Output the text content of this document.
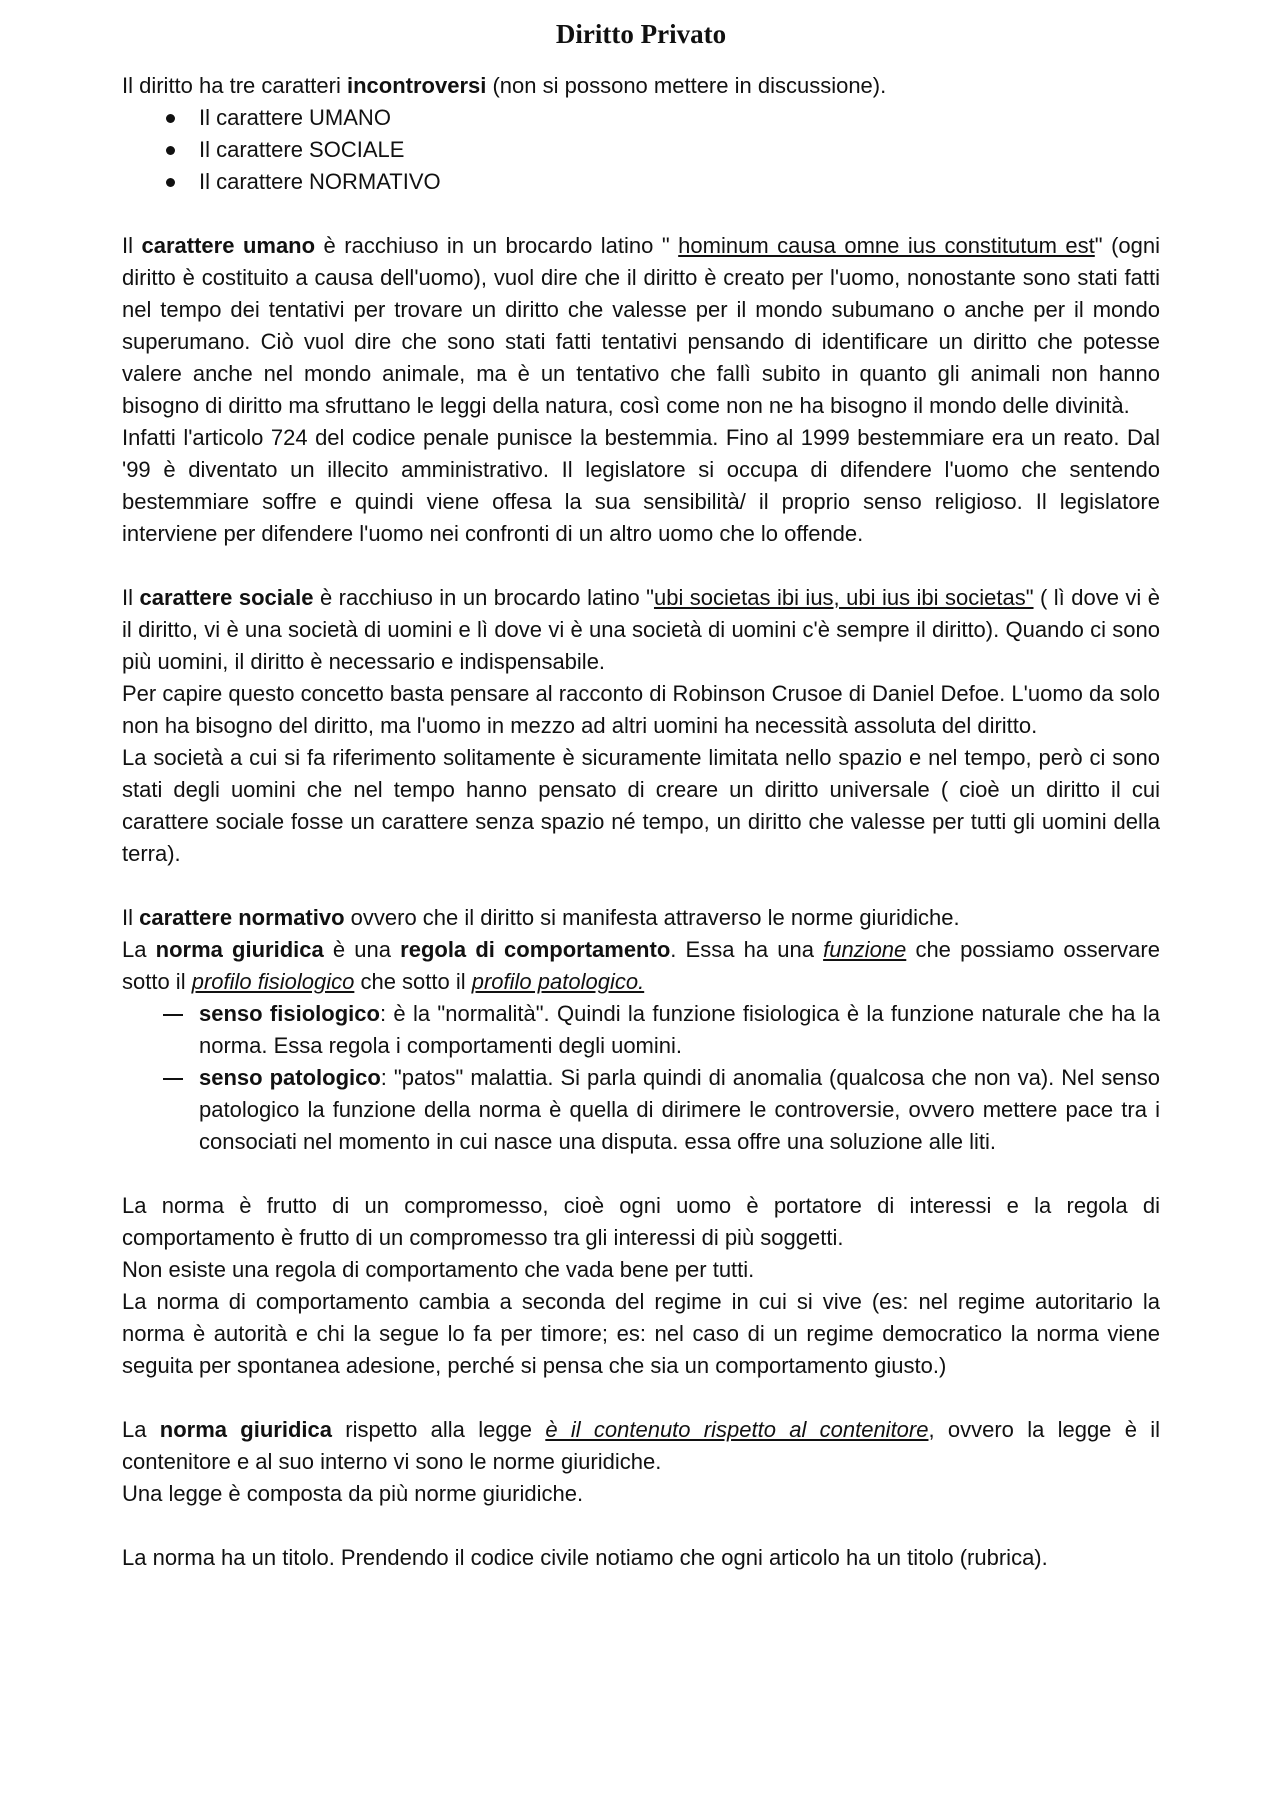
Diritto Privato

Il diritto ha tre caratteri incontroversi (non si possono mettere in discussione).

Il carattere UMANO
Il carattere SOCIALE
Il carattere NORMATIVO

Il carattere umano è racchiuso in un brocardo latino " hominum causa omne ius constitutum est" (ogni diritto è costituito a causa dell'uomo), vuol dire che il diritto è creato per l'uomo, nonostante sono stati fatti nel tempo dei tentativi per trovare un diritto che valesse per il mondo subumano o anche per il mondo superumano. Ciò vuol dire che sono stati fatti tentativi pensando di identificare un diritto che potesse valere anche nel mondo animale, ma è un tentativo che fallì subito in quanto gli animali non hanno bisogno di diritto ma sfruttano le leggi della natura, così come non ne ha bisogno il mondo delle divinità.

Infatti l'articolo 724 del codice penale punisce la bestemmia. Fino al 1999 bestemmiare era un reato. Dal '99 è diventato un illecito amministrativo. Il legislatore si occupa di difendere l'uomo che sentendo bestemmiare soffre e quindi viene offesa la sua sensibilità/ il proprio senso religioso. Il legislatore interviene per difendere l'uomo nei confronti di un altro uomo che lo offende.

Il carattere sociale è racchiuso in un brocardo latino "ubi societas ibi ius, ubi ius ibi societas" ( lì dove vi è il diritto, vi è una società di uomini e lì dove vi è una società di uomini c'è sempre il diritto). Quando ci sono più uomini, il diritto è necessario e indispensabile.

Per capire questo concetto basta pensare al racconto di Robinson Crusoe di Daniel Defoe. L'uomo da solo non ha bisogno del diritto, ma l'uomo in mezzo ad altri uomini ha necessità assoluta del diritto.

La società a cui si fa riferimento solitamente è sicuramente limitata nello spazio e nel tempo, però ci sono stati degli uomini che nel tempo hanno pensato di creare un diritto universale ( cioè un diritto il cui carattere sociale fosse un carattere senza spazio né tempo, un diritto che valesse per tutti gli uomini della terra).

Il carattere normativo ovvero che il diritto si manifesta attraverso le norme giuridiche.

La norma giuridica è una regola di comportamento. Essa ha una funzione che possiamo osservare sotto il profilo fisiologico che sotto il profilo patologico.

senso fisiologico: è la "normalità". Quindi la funzione fisiologica è la funzione naturale che ha la norma. Essa regola i comportamenti degli uomini.
senso patologico: "patos" malattia. Si parla quindi di anomalia (qualcosa che non va). Nel senso patologico la funzione della norma è quella di dirimere le controversie, ovvero mettere pace tra i consociati nel momento in cui nasce una disputa. essa offre una soluzione alle liti.

La norma è frutto di un compromesso, cioè ogni uomo è portatore di interessi e la regola di comportamento è frutto di un compromesso tra gli interessi di più soggetti.

Non esiste una regola di comportamento che vada bene per tutti.

La norma di comportamento cambia a seconda del regime in cui si vive (es: nel regime autoritario la norma è autorità e chi la segue lo fa per timore; es: nel caso di un regime democratico la norma viene seguita per spontanea adesione, perché si pensa che sia un comportamento giusto.)

La norma giuridica rispetto alla legge è il contenuto rispetto al contenitore, ovvero la legge è il contenitore e al suo interno vi sono le norme giuridiche.

Una legge è composta da più norme giuridiche.

La norma ha un titolo. Prendendo il codice civile notiamo che ogni articolo ha un titolo (rubrica).
